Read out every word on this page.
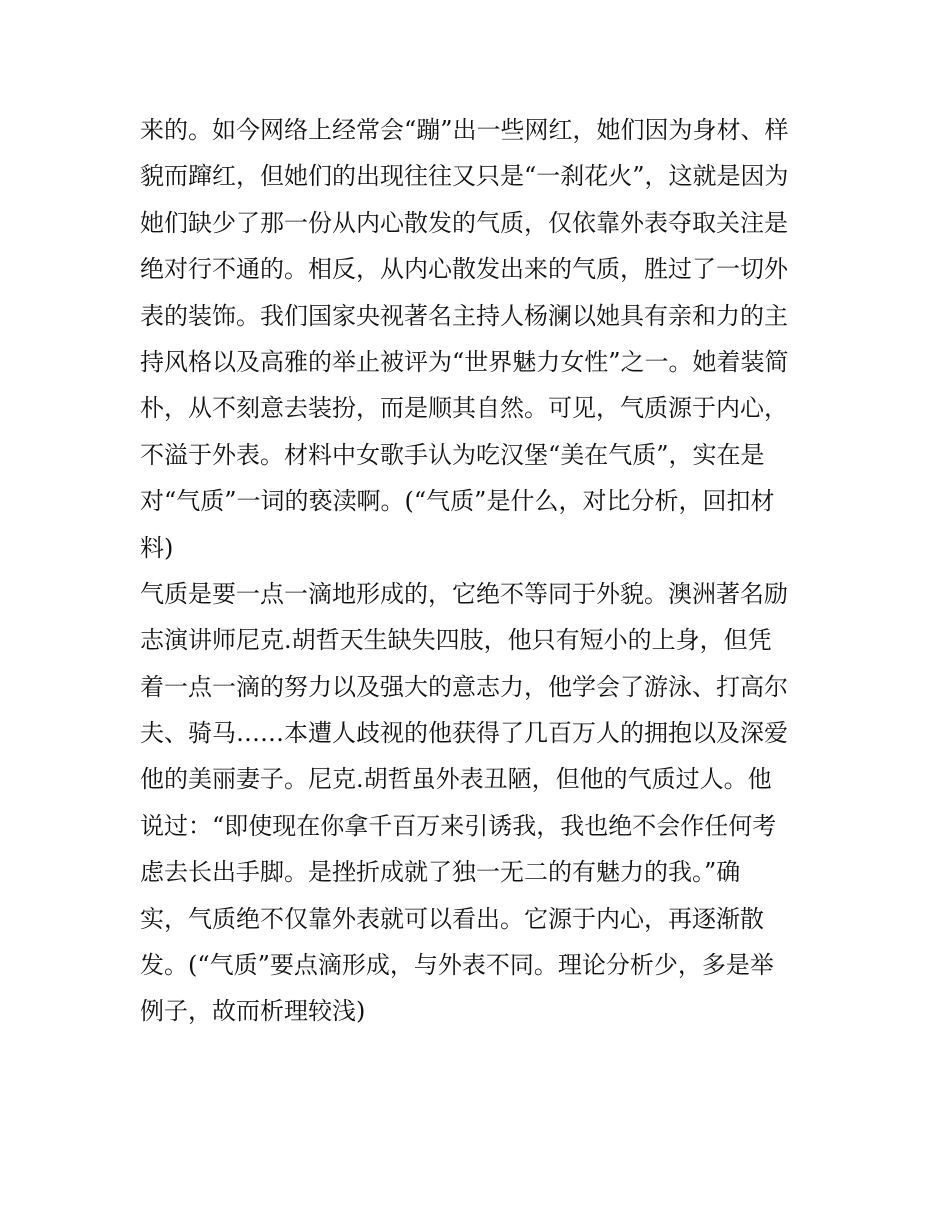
来的。如今网络上经常会“蹦”出一些网红，她们因为身材、样
貌而蹿红，但她们的出现往往又只是“一刹花火”，这就是因为
她们缺少了那一份从内心散发的气质，仅依靠外表夺取关注是
绝对行不通的。相反，从内心散发出来的气质，胜过了一切外
表的装饰。我们国家央视著名主持人杨澜以她具有亲和力的主
持风格以及高雅的举止被评为“世界魅力女性”之一。她着装简
朴，从不刻意去装扮，而是顺其自然。可见，气质源于内心，
不溢于外表。材料中女歌手认为吃汉堡“美在气质”，实在是
对“气质”一词的亵渎啊。(“气质”是什么，对比分析，回扣材
料)
气质是要一点一滴地形成的，它绝不等同于外貌。澳洲著名励
志演讲师尼克.胡哲天生缺失四肢，他只有短小的上身，但凭
着一点一滴的努力以及强大的意志力，他学会了游泳、打高尔
夫、骑马……本遭人歧视的他获得了几百万人的拥抱以及深爱
他的美丽妻子。尼克.胡哲虽外表丑陋，但他的气质过人。他
说过：“即使现在你拿千百万来引诱我，我也绝不会作任何考
虑去长出手脚。是挫折成就了独一无二的有魅力的我。”确
实，气质绝不仅靠外表就可以看出。它源于内心，再逐渐散
发。(“气质”要点滴形成，与外表不同。理论分析少，多是举
例子，故而析理较浅)
